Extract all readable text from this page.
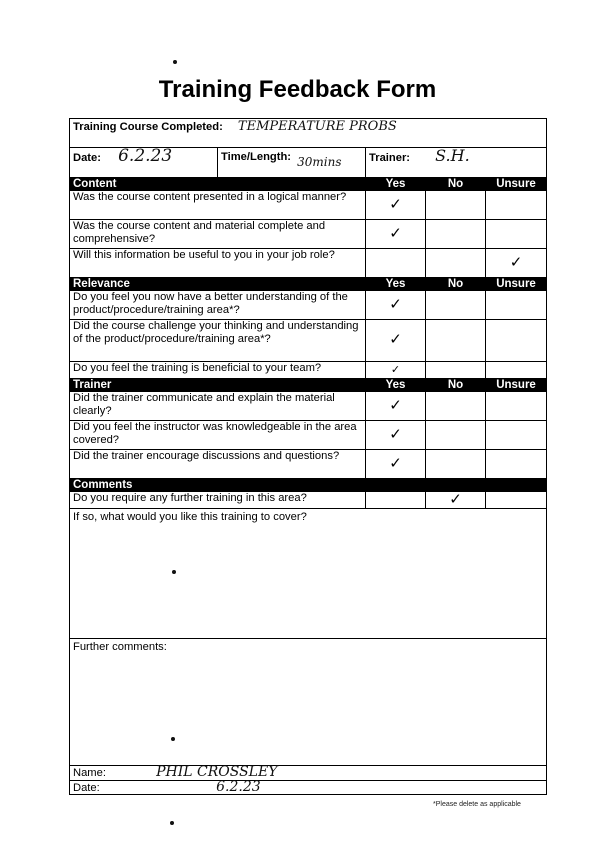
Training Feedback Form
Training Course Completed: TEMPERATURE PROBS			

Date: 6.2.23 Time/Length: 30mins Trainer: S.H.			

Content	Yes	No	Unsure
Was the course content presented in a logical manner?	✓		
Was the course content and material complete and comprehensive?	✓		
Will this information be useful to you in your job role?			✓
Relevance	Yes	No	Unsure
Do you feel you now have a better understanding of the product/procedure/training area*?	✓		
Did the course challenge your thinking and understanding of the product/procedure/training area*?	✓		
Do you feel the training is beneficial to your team?	✓		
Trainer	Yes	No	Unsure
Did the trainer communicate and explain the material clearly?	✓		
Did you feel the instructor was knowledgeable in the area covered?	✓		
Did the trainer encourage discussions and questions?	✓		
Comments			
Do you require any further training in this area?		✓	
If so, what would you like this training to cover?			
Further comments:			
Name: PHIL CROSSLEY			
Date: 6.2.23			
*Please delete as applicable
